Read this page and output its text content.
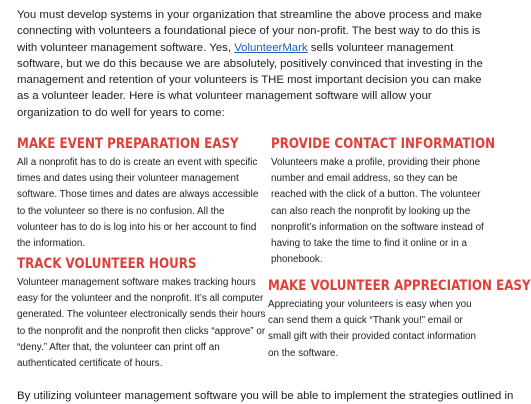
You must develop systems in your organization that streamline the above process and make connecting with volunteers a foundational piece of your non-profit. The best way to do this is with volunteer management software. Yes, VolunteerMark sells volunteer management software, but we do this because we are absolutely, positively convinced that investing in the management and retention of your volunteers is THE most important decision you can make as a volunteer leader. Here is what volunteer management software will allow your organization to do well for years to come:

MAKE EVENT PREPARATION EASY

All a nonprofit has to do is create an event with specific times and dates using their volunteer management software. Those times and dates are always accessible to the volunteer so there is no confusion. All the volunteer has to do is log into his or her account to find the information.

PROVIDE CONTACT INFORMATION

Volunteers make a profile, providing their phone number and email address, so they can be reached with the click of a button. The volunteer can also reach the nonprofit by looking up the nonprofit’s information on the software instead of having to take the time to find it online or in a phonebook.

TRACK VOLUNTEER HOURS

Volunteer management software makes tracking hours easy for the volunteer and the nonprofit. It’s all computer generated. The volunteer electronically sends their hours to the nonprofit and the nonprofit then clicks “approve” or “deny.” After that, the volunteer can print off an authenticated certificate of hours.

MAKE VOLUNTEER APPRECIATION EASY

Appreciating your volunteers is easy when you can send them a quick “Thank you!” email or small gift with their provided contact information on the software.

By utilizing volunteer management software you will be able to implement the strategies outlined in
